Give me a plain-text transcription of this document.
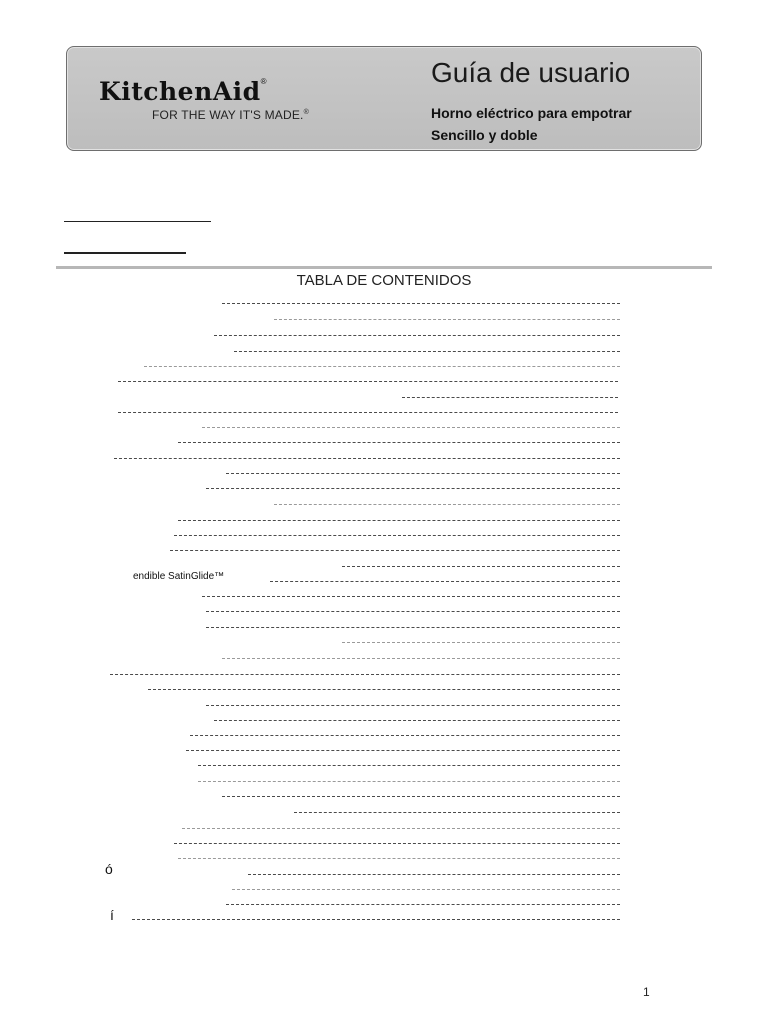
KitchenAid®
FOR THE WAY IT'S MADE.®
Guía de usuario
Horno eléctrico para empotrar
Sencillo y doble
TABLA DE CONTENIDOS
endible SatinGlide™
ó
í
1
